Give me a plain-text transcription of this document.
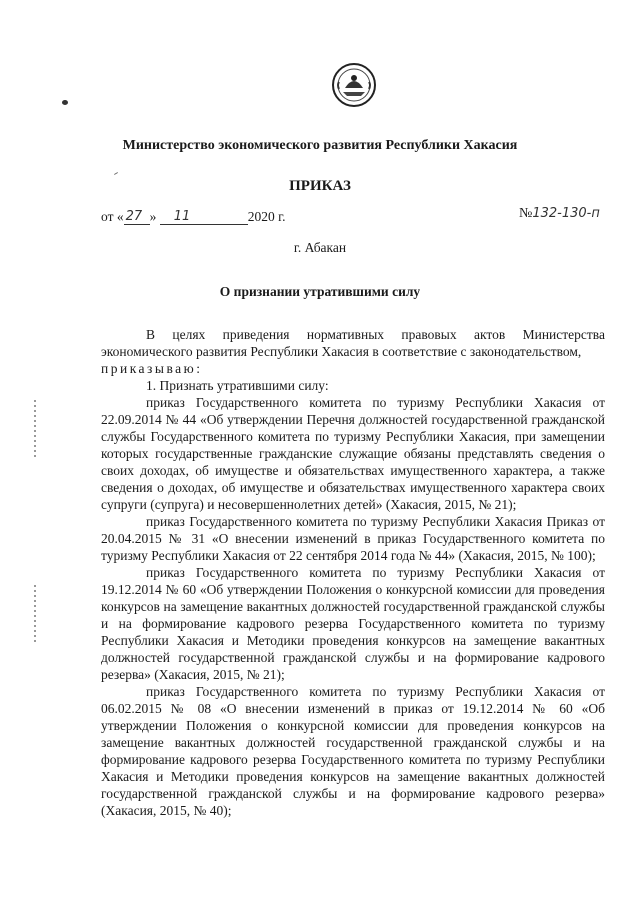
Министерство экономического развития Республики Хакасия
ПРИКАЗ
от « 27 » 11	2020 г.	№132-130-п
г. Абакан
О признании утратившими силу

В целях приведения нормативных правовых актов Министерства экономического развития Республики Хакасия в соответствие с законодательством,

приказываю:

1. Признать утратившими силу:

приказ Государственного комитета по туризму Республики Хакасия от 22.09.2014 № 44 «Об утверждении Перечня должностей государственной гражданской службы Государственного комитета по туризму Республики Хакасия, при замещении которых государственные гражданские служащие обязаны представлять сведения о своих доходах, об имуществе и обязательствах имущественного характера, а также сведения о доходах, об имуществе и обязательствах имущественного характера своих супруги (супруга) и несовершеннолетних детей» (Хакасия, 2015, № 21);

приказ Государственного комитета по туризму Республики Хакасия Приказ от 20.04.2015 № 31 «О внесении изменений в приказ Государственного комитета по туризму Республики Хакасия от 22 сентября 2014 года № 44» (Хакасия, 2015, № 100);

приказ Государственного комитета по туризму Республики Хакасия от 19.12.2014 № 60 «Об утверждении Положения о конкурсной комиссии для проведения конкурсов на замещение вакантных должностей государственной гражданской службы и на формирование кадрового резерва Государственного комитета по туризму Республики Хакасия и Методики проведения конкурсов на замещение вакантных должностей государственной гражданской службы и на формирование кадрового резерва» (Хакасия, 2015, № 21);

приказ Государственного комитета по туризму Республики Хакасия от 06.02.2015 № 08 «О внесении изменений в приказ от 19.12.2014 № 60 «Об утверждении Положения о конкурсной комиссии для проведения конкурсов на замещение вакантных должностей государственной гражданской службы и на формирование кадрового резерва Государственного комитета по туризму Республики Хакасия и Методики проведения конкурсов на замещение вакантных должностей государственной гражданской службы и на формирование кадрового резерва» (Хакасия, 2015, № 40);
